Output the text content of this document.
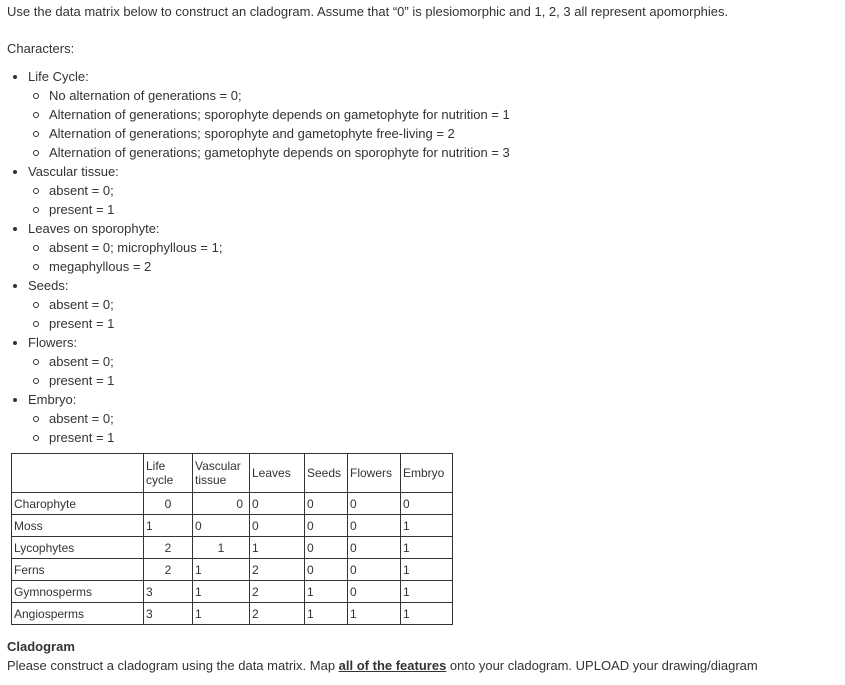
Use the data matrix below to construct an cladogram. Assume that “0” is plesiomorphic and 1, 2, 3 all represent apomorphies.
Characters:
Life Cycle:
No alternation of generations = 0;
Alternation of generations; sporophyte depends on gametophyte for nutrition = 1
Alternation of generations; sporophyte and gametophyte free-living = 2
Alternation of generations; gametophyte depends on sporophyte for nutrition = 3
Vascular tissue:
absent = 0;
present = 1
Leaves on sporophyte:
absent = 0; microphyllous = 1;
megaphyllous = 2
Seeds:
absent = 0;
present = 1
Flowers:
absent = 0;
present = 1
Embryo:
absent = 0;
present = 1
	Life cycle	Vascular tissue	Leaves	Seeds	Flowers	Embryo
Charophyte	0	0	0	0	0	0
Moss	1	0	0	0	0	1
Lycophytes	2	1	1	0	0	1
Ferns	2	1	2	0	0	1
Gymnosperms	3	1	2	1	0	1
Angiosperms	3	1	2	1	1	1
Cladogram
Please construct a cladogram using the data matrix. Map all of the features onto your cladogram. UPLOAD your drawing/diagram
